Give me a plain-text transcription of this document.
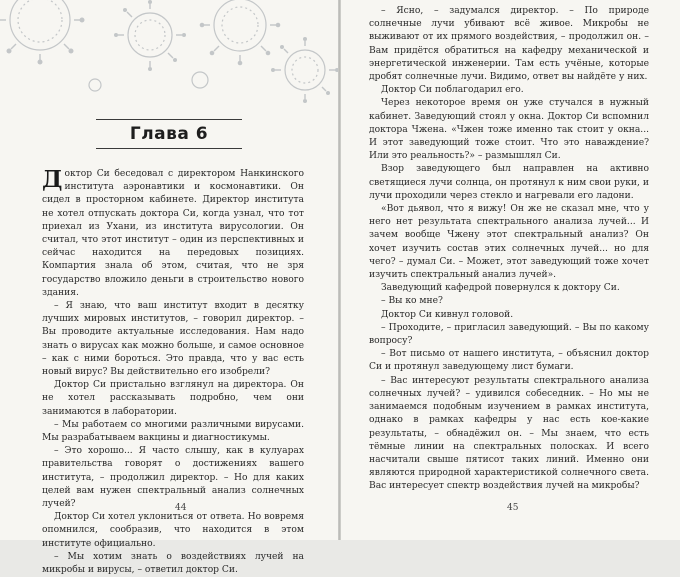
Глава 6

Доктор Си беседовал с директором Нанкинского института аэронавтики и космонавтики. Он сидел в просторном кабинете. Директор института не хотел отпускать доктора Си, когда узнал, что тот приехал из Ухани, из института вирусологии. Он считал, что этот институт – один из перспективных и сейчас находится на передовых позициях. Компартия знала об этом, считая, что не зря государство вложило деньги в строительство нового здания.

– Я знаю, что ваш институт входит в десятку лучших мировых институтов, – говорил директор. – Вы проводите актуальные исследования. Нам надо знать о вирусах как можно больше, и самое основное – как с ними бороться. Это правда, что у вас есть новый вирус? Вы действительно его изобрели?

Доктор Си пристально взглянул на директора. Он не хотел рассказывать подробно, чем они занимаются в лаборатории.

– Мы работаем со многими различными вирусами. Мы разрабатываем вакцины и диагностикумы.

– Это хорошо... Я часто слышу, как в кулуарах правительства говорят о достижениях вашего института, – продолжил директор. – Но для каких целей вам нужен спектральный анализ солнечных лучей?

Доктор Си хотел уклониться от ответа. Но вовремя опомнился, сообразив, что находится в этом институте официально.

– Мы хотим знать о воздействиях лучей на микробы и вирусы, – ответил доктор Си.

44

– Ясно, – задумался директор. – По природе солнечные лучи убивают всё живое. Микробы не выживают от их прямого воздействия, – продолжил он. – Вам придётся обратиться на кафедру механической и энергетической инженерии. Там есть учёные, которые дробят солнечные лучи. Видимо, ответ вы найдёте у них.

Доктор Си поблагодарил его.

Через некоторое время он уже стучался в нужный кабинет. Заведующий стоял у окна. Доктор Си вспомнил доктора Чжена. «Чжен тоже именно так стоит у окна... И этот заведующий тоже стоит. Что это наваждение? Или это реальность?» – размышлял Си.

Взор заведующего был направлен на активно светящиеся лучи солнца, он протянул к ним свои руки, и лучи проходили через стекло и нагревали его ладони.

«Вот дьявол, что я вижу! Он же не сказал мне, что у него нет результата спектрального анализа лучей... И зачем вообще Чжену этот спектральный анализ? Он хочет изучить состав этих солнечных лучей... но для чего? – думал Си. – Может, этот заведующий тоже хочет изучить спектральный анализ лучей».

Заведующий кафедрой повернулся к доктору Си.

– Вы ко мне?

Доктор Си кивнул головой.

– Проходите, – пригласил заведующий. – Вы по какому вопросу?

– Вот письмо от нашего института, – объяснил доктор Си и протянул заведующему лист бумаги.

– Вас интересуют результаты спектрального анализа солнечных лучей? – удивился собеседник. – Но мы не занимаемся подобным изучением в рамках института, однако в рамках кафедры у нас есть кое-какие результаты, – обнадёжил он. – Мы знаем, что есть тёмные линии на спектральных полосках. И всего насчитали свыше пятисот таких линий. Именно они являются природной характеристикой солнечного света. Вас интересует спектр воздействия лучей на микробы?

45
